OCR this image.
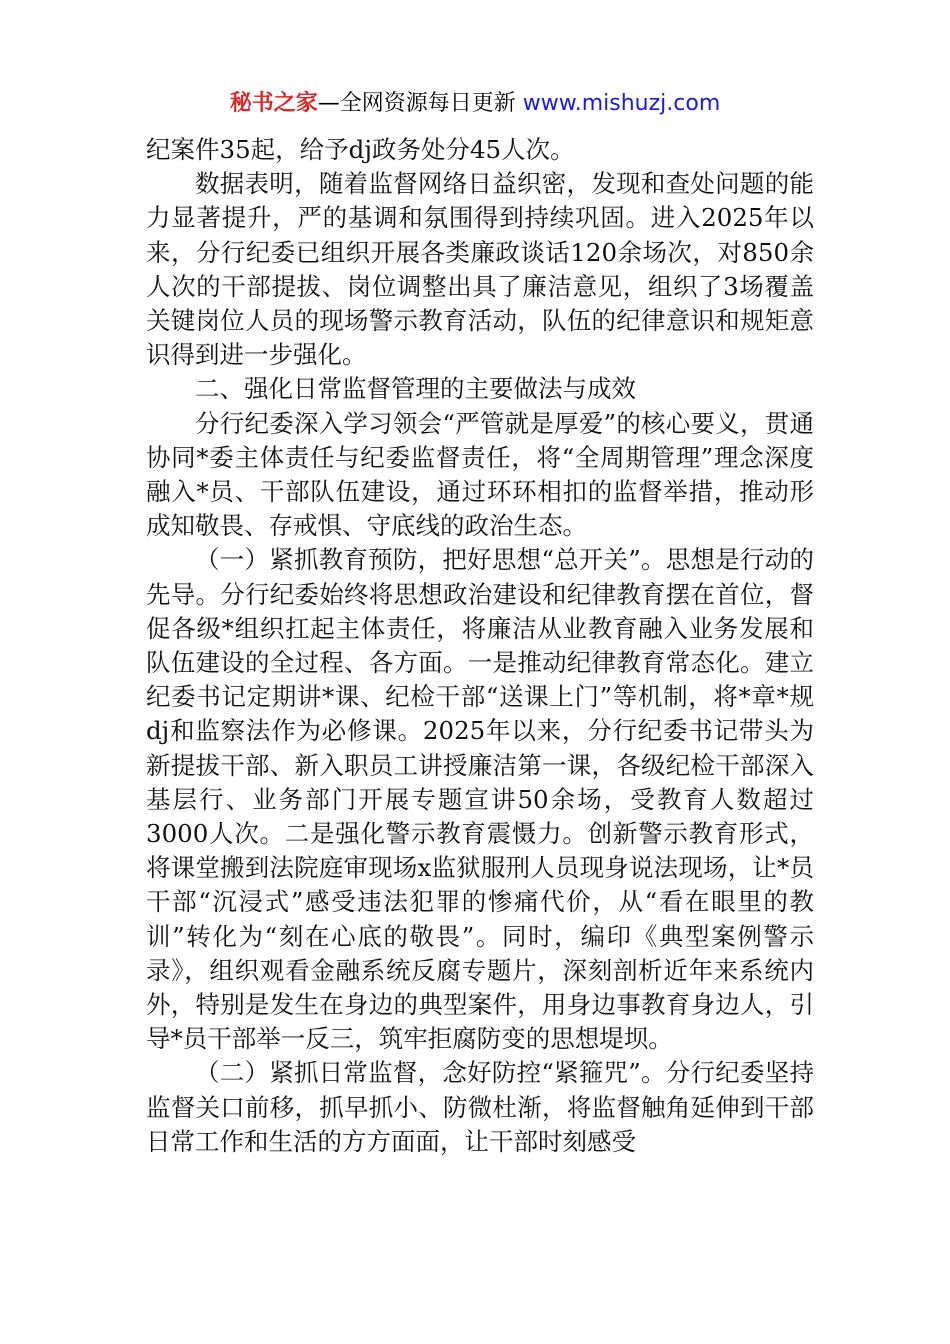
秘书之家—全网资源每日更新 www.mishuzj.com

纪案件35起，给予dj政务处分45人次。

数据表明，随着监督网络日益织密，发现和查处问题的能力显著提升，严的基调和氛围得到持续巩固。进入2025年以来，分行纪委已组织开展各类廉政谈话120余场次，对850余人次的干部提拔、岗位调整出具了廉洁意见，组织了3场覆盖关键岗位人员的现场警示教育活动，队伍的纪律意识和规矩意识得到进一步强化。

二、强化日常监督管理的主要做法与成效

分行纪委深入学习领会“严管就是厚爱”的核心要义，贯通协同*委主体责任与纪委监督责任，将“全周期管理”理念深度融入*员、干部队伍建设，通过环环相扣的监督举措，推动形成知敬畏、存戒惧、守底线的政治生态。

（一）紧抓教育预防，把好思想“总开关”。思想是行动的先导。分行纪委始终将思想政治建设和纪律教育摆在首位，督促各级*组织扛起主体责任，将廉洁从业教育融入业务发展和队伍建设的全过程、各方面。一是推动纪律教育常态化。建立纪委书记定期讲*课、纪检干部“送课上门”等机制，将*章*规dj和监察法作为必修课。2025年以来，分行纪委书记带头为新提拔干部、新入职员工讲授廉洁第一课，各级纪检干部深入基层行、业务部门开展专题宣讲50余场，受教育人数超过3000人次。二是强化警示教育震慑力。创新警示教育形式，将课堂搬到法院庭审现场x监狱服刑人员现身说法现场，让*员干部“沉浸式”感受违法犯罪的惨痛代价，从“看在眼里的教训”转化为“刻在心底的敬畏”。同时，编印《典型案例警示录》，组织观看金融系统反腐专题片，深刻剖析近年来系统内外，特别是发生在身边的典型案件，用身边事教育身边人，引导*员干部举一反三，筑牢拒腐防变的思想堤坝。

（二）紧抓日常监督，念好防控“紧箍咒”。分行纪委坚持监督关口前移，抓早抓小、防微杜渐，将监督触角延伸到干部日常工作和生活的方方面面，让干部时刻感受
